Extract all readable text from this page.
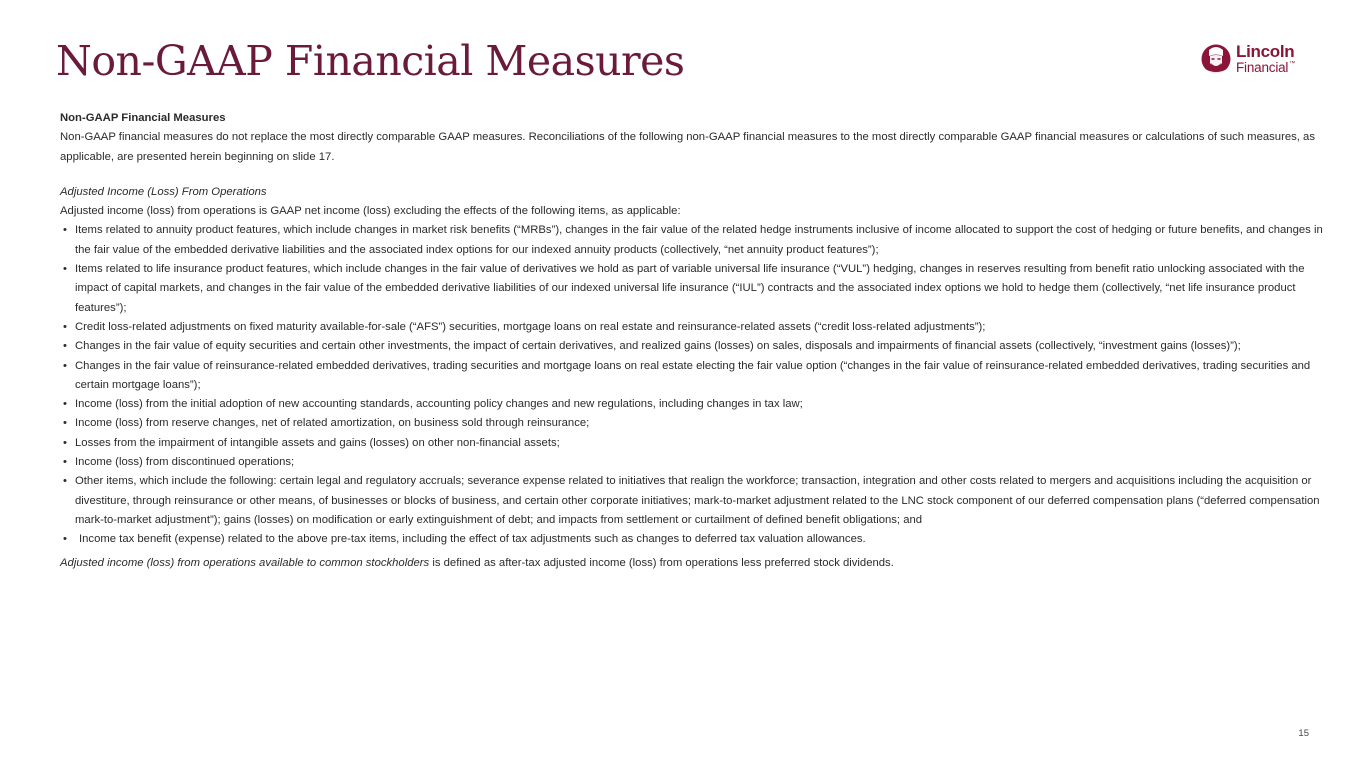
Non-GAAP Financial Measures	Lincoln
Financial™

Non-GAAP Financial Measures

Non-GAAP financial measures do not replace the most directly comparable GAAP measures. Reconciliations of the following non-GAAP financial measures to the most directly comparable GAAP financial measures or calculations of such measures, as applicable, are presented herein beginning on slide 17.

Adjusted Income (Loss) From Operations

Adjusted income (loss) from operations is GAAP net income (loss) excluding the effects of the following items, as applicable:

• Items related to annuity product features, which include changes in market risk benefits (“MRBs”), changes in the fair value of the related hedge instruments inclusive of income allocated to support the cost of hedging or future benefits, and changes in the fair value of the embedded derivative liabilities and the associated index options for our indexed annuity products (collectively, “net annuity product features”);
• Items related to life insurance product features, which include changes in the fair value of derivatives we hold as part of variable universal life insurance (“VUL”) hedging, changes in reserves resulting from benefit ratio unlocking associated with the impact of capital markets, and changes in the fair value of the embedded derivative liabilities of our indexed universal life insurance (“IUL”) contracts and the associated index options we hold to hedge them (collectively, “net life insurance product features”);
• Credit loss-related adjustments on fixed maturity available-for-sale (“AFS”) securities, mortgage loans on real estate and reinsurance-related assets (“credit loss-related adjustments”);
• Changes in the fair value of equity securities and certain other investments, the impact of certain derivatives, and realized gains (losses) on sales, disposals and impairments of financial assets (collectively, “investment gains (losses)”);
• Changes in the fair value of reinsurance-related embedded derivatives, trading securities and mortgage loans on real estate electing the fair value option (“changes in the fair value of reinsurance-related embedded derivatives, trading securities and certain mortgage loans”);
• Income (loss) from the initial adoption of new accounting standards, accounting policy changes and new regulations, including changes in tax law;
• Income (loss) from reserve changes, net of related amortization, on business sold through reinsurance;
• Losses from the impairment of intangible assets and gains (losses) on other non-financial assets;
• Income (loss) from discontinued operations;
• Other items, which include the following: certain legal and regulatory accruals; severance expense related to initiatives that realign the workforce; transaction, integration and other costs related to mergers and acquisitions including the acquisition or divestiture, through reinsurance or other means, of businesses or blocks of business, and certain other corporate initiatives; mark-to-market adjustment related to the LNC stock component of our deferred compensation plans (“deferred compensation mark-to-market adjustment”); gains (losses) on modification or early extinguishment of debt; and impacts from settlement or curtailment of defined benefit obligations; and
• Income tax benefit (expense) related to the above pre-tax items, including the effect of tax adjustments such as changes to deferred tax valuation allowances.

Adjusted income (loss) from operations available to common stockholders is defined as after-tax adjusted income (loss) from operations less preferred stock dividends.

15
